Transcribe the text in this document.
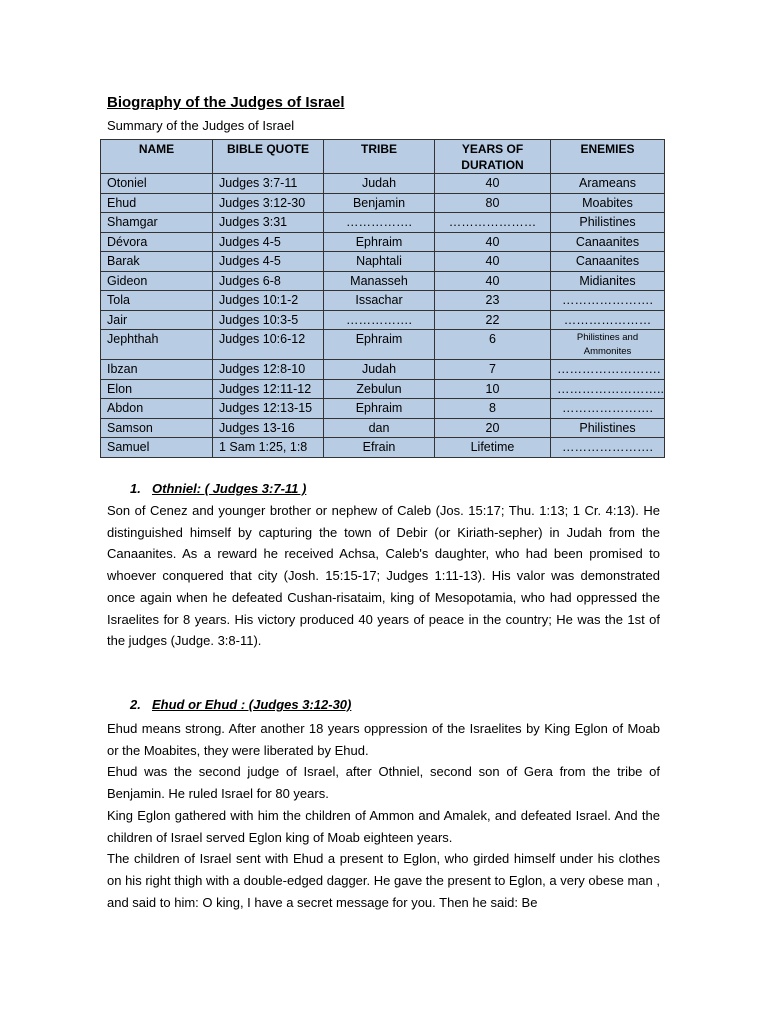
Biography of the Judges of Israel

Summary of the Judges of Israel

NAME	BIBLE QUOTE	TRIBE	YEARS OF DURATION	ENEMIES
Otoniel	Judges 3:7-11	Judah	40	Arameans
Ehud	Judges 3:12-30	Benjamin	80	Moabites
Shamgar	Judges 3:31	…………….	…………………	Philistines
Dévora	Judges 4-5	Ephraim	40	Canaanites
Barak	Judges 4-5	Naphtali	40	Canaanites
Gideon	Judges 6-8	Manasseh	40	Midianites
Tola	Judges 10:1-2	Issachar	23	………………….
Jair	Judges 10:3-5	…………….	22	…………………
Jephthah	Judges 10:6-12	Ephraim	6	Philistines and Ammonites
Ibzan	Judges 12:8-10	Judah	7	…………………….
Elon	Judges 12:11-12	Zebulun	10	……………………..
Abdon	Judges 12:13-15	Ephraim	8	………………….
Samson	Judges 13-16	dan	20	Philistines
Samuel	1 Sam 1:25, 1:8	Efrain	Lifetime	………………….
1. Othniel: ( Judges 3:7-11 )

Son of Cenez and younger brother or nephew of Caleb (Jos. 15:17; Thu. 1:13; 1 Cr. 4:13). He distinguished himself by capturing the town of Debir (or Kiriath-sepher) in Judah from the Canaanites. As a reward he received Achsa, Caleb's daughter, who had been promised to whoever conquered that city (Josh. 15:15-17; Judges 1:11-13). His valor was demonstrated once again when he defeated Cushan-risataim, king of Mesopotamia, who had oppressed the Israelites for 8 years. His victory produced 40 years of peace in the country; He was the 1st of the judges (Judge. 3:8-11).

2. Ehud or Ehud : (Judges 3:12-30)

Ehud means strong. After another 18 years oppression of the Israelites by King Eglon of Moab or the Moabites, they were liberated by Ehud.

Ehud was the second judge of Israel, after Othniel, second son of Gera from the tribe of Benjamin. He ruled Israel for 80 years.

King Eglon gathered with him the children of Ammon and Amalek, and defeated Israel. And the children of Israel served Eglon king of Moab eighteen years.

The children of Israel sent with Ehud a present to Eglon, who girded himself under his clothes on his right thigh with a double-edged dagger. He gave the present to Eglon, a very obese man , and said to him: O king, I have a secret message for you. Then he said: Be
